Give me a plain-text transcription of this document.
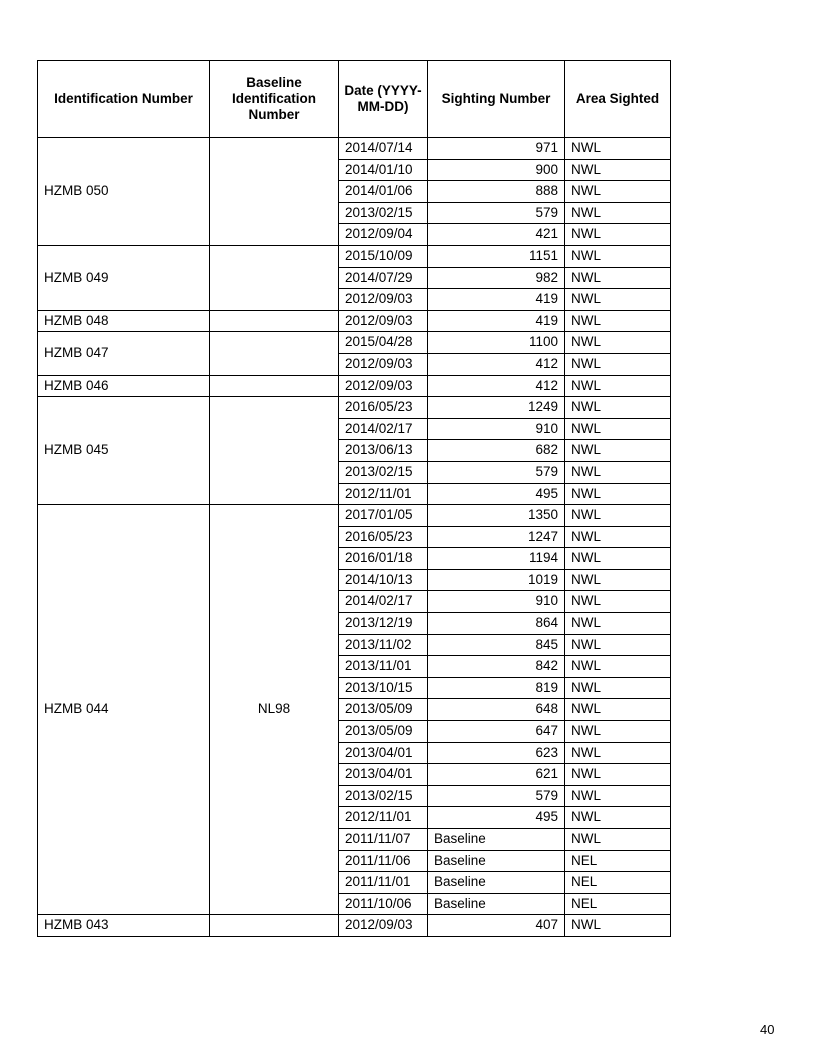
Identification Number	Baseline Identification Number	Date (YYYY-MM-DD)	Sighting Number	Area Sighted
HZMB 050		2014/07/14	971	NWL
		2014/01/10	900	NWL
		2014/01/06	888	NWL
		2013/02/15	579	NWL
		2012/09/04	421	NWL
HZMB 049		2015/10/09	1151	NWL
		2014/07/29	982	NWL
		2012/09/03	419	NWL
HZMB 048		2012/09/03	419	NWL
HZMB 047		2015/04/28	1100	NWL
		2012/09/03	412	NWL
HZMB 046		2012/09/03	412	NWL
HZMB 045		2016/05/23	1249	NWL
		2014/02/17	910	NWL
		2013/06/13	682	NWL
		2013/02/15	579	NWL
		2012/11/01	495	NWL
HZMB 044	NL98	2017/01/05	1350	NWL
		2016/05/23	1247	NWL
		2016/01/18	1194	NWL
		2014/10/13	1019	NWL
		2014/02/17	910	NWL
		2013/12/19	864	NWL
		2013/11/02	845	NWL
		2013/11/01	842	NWL
		2013/10/15	819	NWL
		2013/05/09	648	NWL
		2013/05/09	647	NWL
		2013/04/01	623	NWL
		2013/04/01	621	NWL
		2013/02/15	579	NWL
		2012/11/01	495	NWL
		2011/11/07	Baseline	NWL
		2011/11/06	Baseline	NEL
		2011/11/01	Baseline	NEL
		2011/10/06	Baseline	NEL
HZMB 043		2012/09/03	407	NWL
40
